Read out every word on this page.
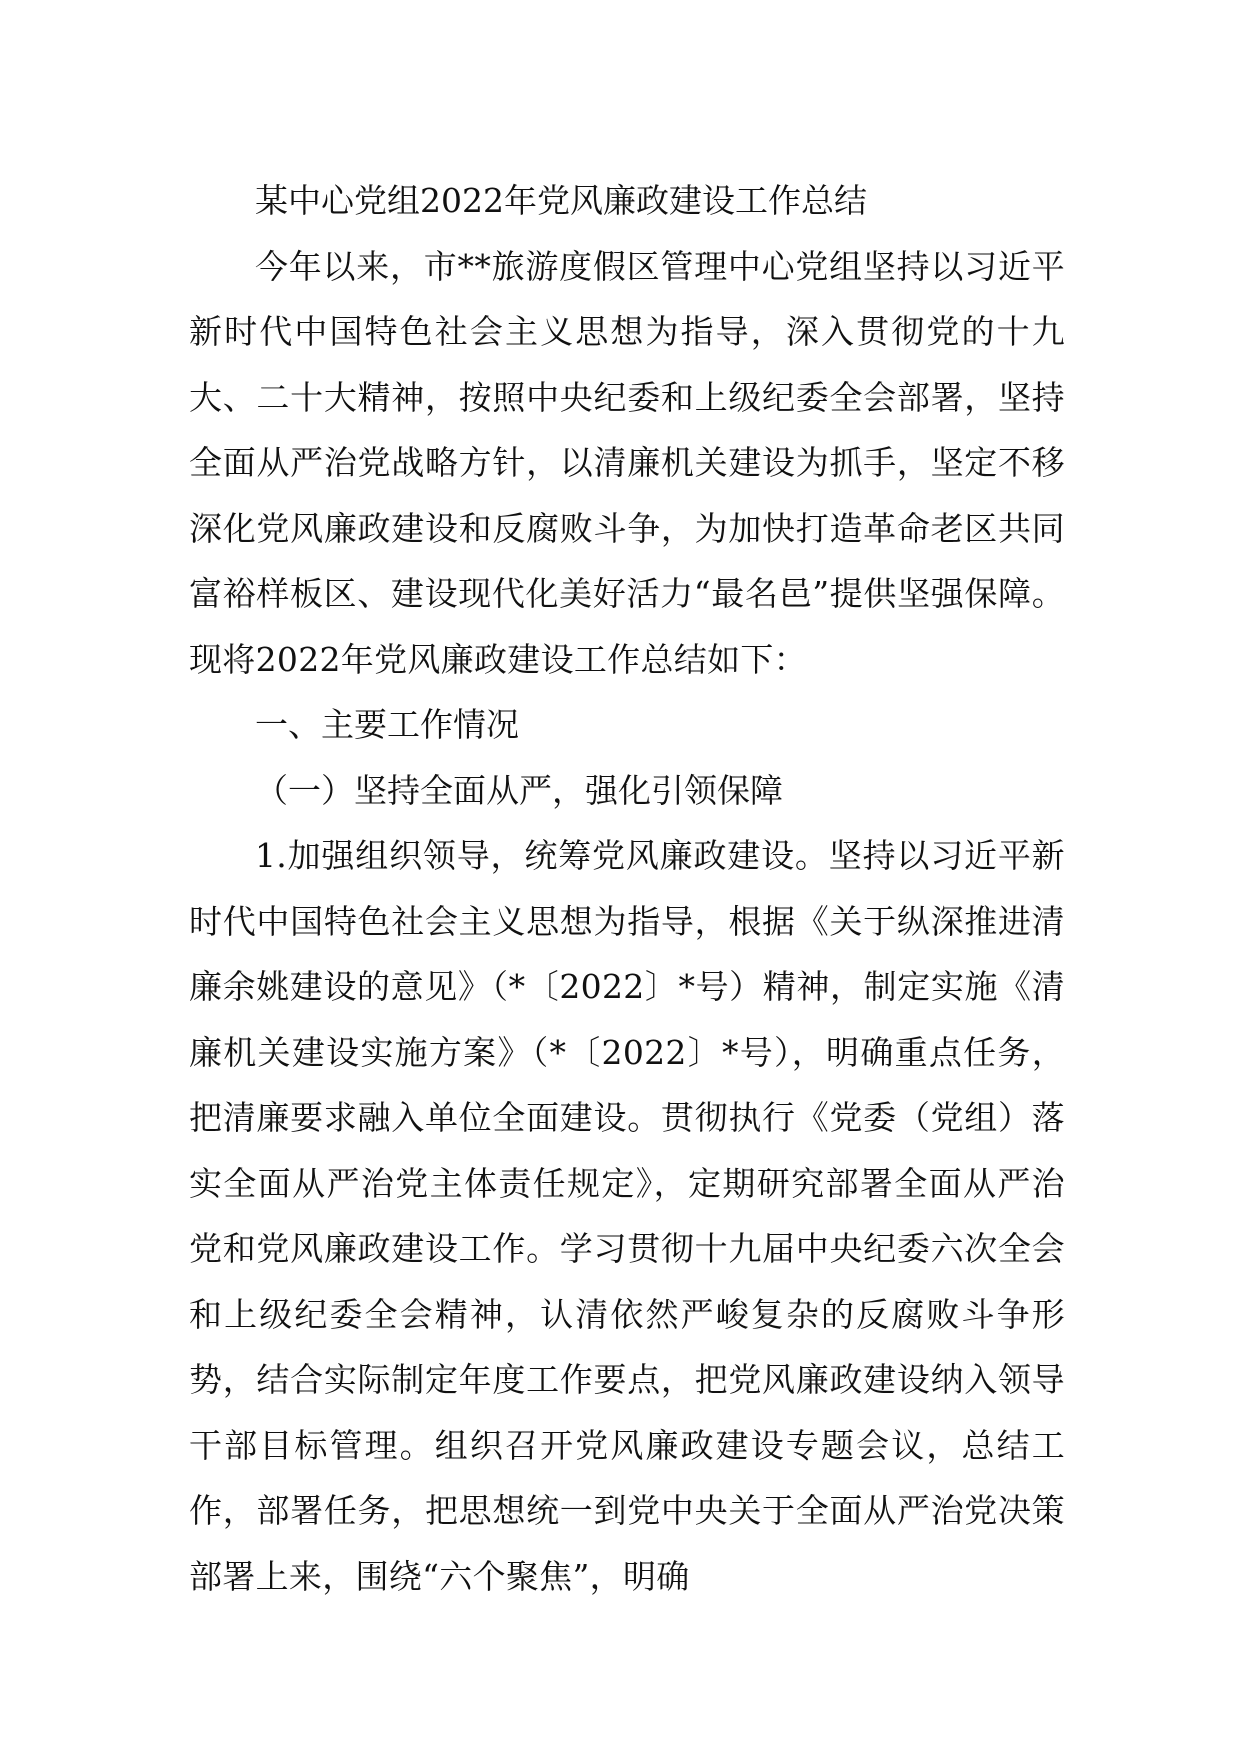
某中心党组2022年党风廉政建设工作总结

今年以来，市**旅游度假区管理中心党组坚持以习近平新时代中国特色社会主义思想为指导，深入贯彻党的十九大、二十大精神，按照中央纪委和上级纪委全会部署，坚持全面从严治党战略方针，以清廉机关建设为抓手，坚定不移深化党风廉政建设和反腐败斗争，为加快打造革命老区共同富裕样板区、建设现代化美好活力“最名邑”提供坚强保障。现将2022年党风廉政建设工作总结如下：

一、主要工作情况

（一）坚持全面从严，强化引领保障

1.加强组织领导，统筹党风廉政建设。坚持以习近平新时代中国特色社会主义思想为指导，根据《关于纵深推进清廉余姚建设的意见》（*〔2022〕*号）精神，制定实施《清廉机关建设实施方案》（*〔2022〕*号），明确重点任务，把清廉要求融入单位全面建设。贯彻执行《党委（党组）落实全面从严治党主体责任规定》，定期研究部署全面从严治党和党风廉政建设工作。学习贯彻十九届中央纪委六次全会和上级纪委全会精神，认清依然严峻复杂的反腐败斗争形势，结合实际制定年度工作要点，把党风廉政建设纳入领导干部目标管理。组织召开党风廉政建设专题会议，总结工作，部署任务，把思想统一到党中央关于全面从严治党决策部署上来，围绕“六个聚焦”，明确
